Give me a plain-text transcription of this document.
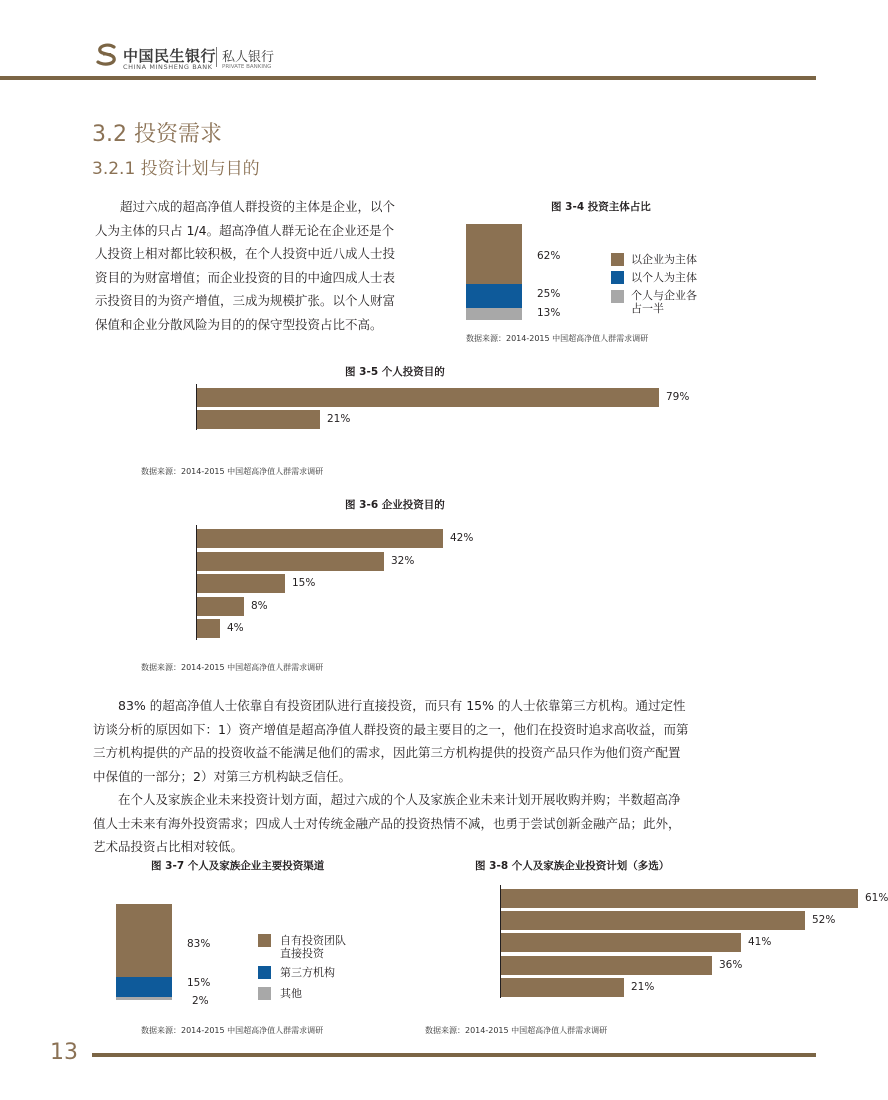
中国民生银行
CHINA MINSHENG BANK
私人银行
PRIVATE BANKING
3.2 投资需求
3.2.1 投资计划与目的
超过六成的超高净值人群投资的主体是企业，以个
人为主体的只占 1/4。超高净值人群无论在企业还是个
人投资上相对都比较积极，在个人投资中近八成人士投
资目的为财富增值；而企业投资的目的中逾四成人士表
示投资目的为资产增值，三成为规模扩张。以个人财富
保值和企业分散风险为目的的保守型投资占比不高。
图 3-4 投资主体占比
62%
25%
13%
以企业为主体
以个人为主体
个人与企业各占一半
数据来源：2014-2015 中国超高净值人群需求调研
图 3-5 个人投资目的
79%
21%
数据来源：2014-2015 中国超高净值人群需求调研
图 3-6 企业投资目的
42%
32%
15%
8%
4%
数据来源：2014-2015 中国超高净值人群需求调研
83% 的超高净值人士依靠自有投资团队进行直接投资，而只有 15% 的人士依靠第三方机构。通过定性
访谈分析的原因如下：1）资产增值是超高净值人群投资的最主要目的之一，他们在投资时追求高收益，而第
三方机构提供的产品的投资收益不能满足他们的需求，因此第三方机构提供的投资产品只作为他们资产配置
中保值的一部分；2）对第三方机构缺乏信任。
在个人及家族企业未来投资计划方面，超过六成的个人及家族企业未来计划开展收购并购；半数超高净
值人士未来有海外投资需求；四成人士对传统金融产品的投资热情不减，也勇于尝试创新金融产品；此外，
艺术品投资占比相对较低。
图 3-7 个人及家族企业主要投资渠道
83%
15%
2%
自有投资团队直接投资
第三方机构
其他
数据来源：2014-2015 中国超高净值人群需求调研
图 3-8 个人及家族企业投资计划（多选）
61%
52%
41%
36%
21%
数据来源：2014-2015 中国超高净值人群需求调研
13
